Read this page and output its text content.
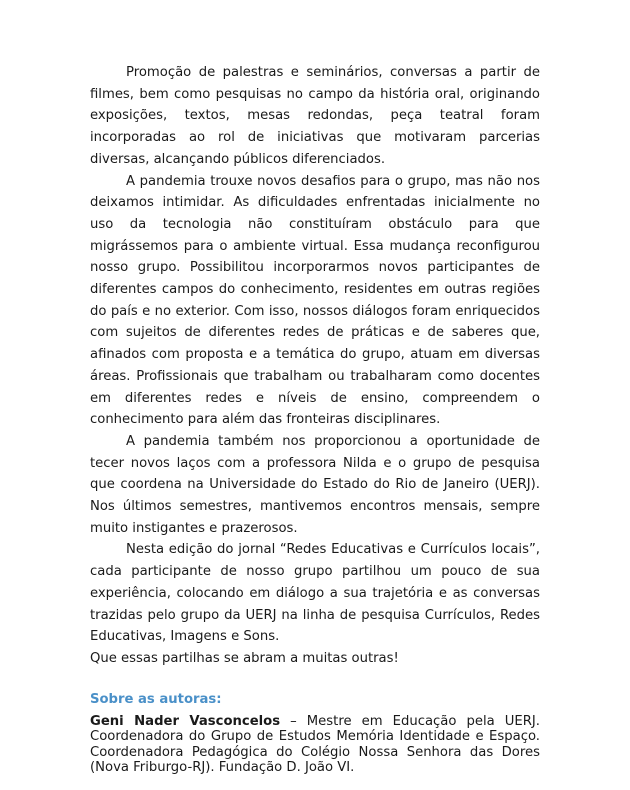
Promoção de palestras e seminários, conversas a partir de filmes, bem como pesquisas no campo da história oral, originando exposições, textos, mesas redondas, peça teatral foram incorporadas ao rol de iniciativas que motivaram parcerias diversas, alcançando públicos diferenciados.

A pandemia trouxe novos desafios para o grupo, mas não nos deixamos intimidar. As dificuldades enfrentadas inicialmente no uso da tecnologia não constituíram obstáculo para que migrássemos para o ambiente virtual. Essa mudança reconfigurou nosso grupo. Possibilitou incorporarmos novos participantes de diferentes campos do conhecimento, residentes em outras regiões do país e no exterior. Com isso, nossos diálogos foram enriquecidos com sujeitos de diferentes redes de práticas e de saberes que, afinados com proposta e a temática do grupo, atuam em diversas áreas. Profissionais que trabalham ou trabalharam como docentes em diferentes redes e níveis de ensino, compreendem o conhecimento para além das fronteiras disciplinares.

A pandemia também nos proporcionou a oportunidade de tecer novos laços com a professora Nilda e o grupo de pesquisa que coordena na Universidade do Estado do Rio de Janeiro (UERJ). Nos últimos semestres, mantivemos encontros mensais, sempre muito instigantes e prazerosos.

Nesta edição do jornal “Redes Educativas e Currículos locais”, cada participante de nosso grupo partilhou um pouco de sua experiência, colocando em diálogo a sua trajetória e as conversas trazidas pelo grupo da UERJ na linha de pesquisa Currículos, Redes Educativas, Imagens e Sons.

Que essas partilhas se abram a muitas outras!

Sobre as autoras:

Geni Nader Vasconcelos – Mestre em Educação pela UERJ. Coordenadora do Grupo de Estudos Memória Identidade e Espaço. Coordenadora Pedagógica do Colégio Nossa Senhora das Dores (Nova Friburgo-RJ). Fundação D. João VI.
